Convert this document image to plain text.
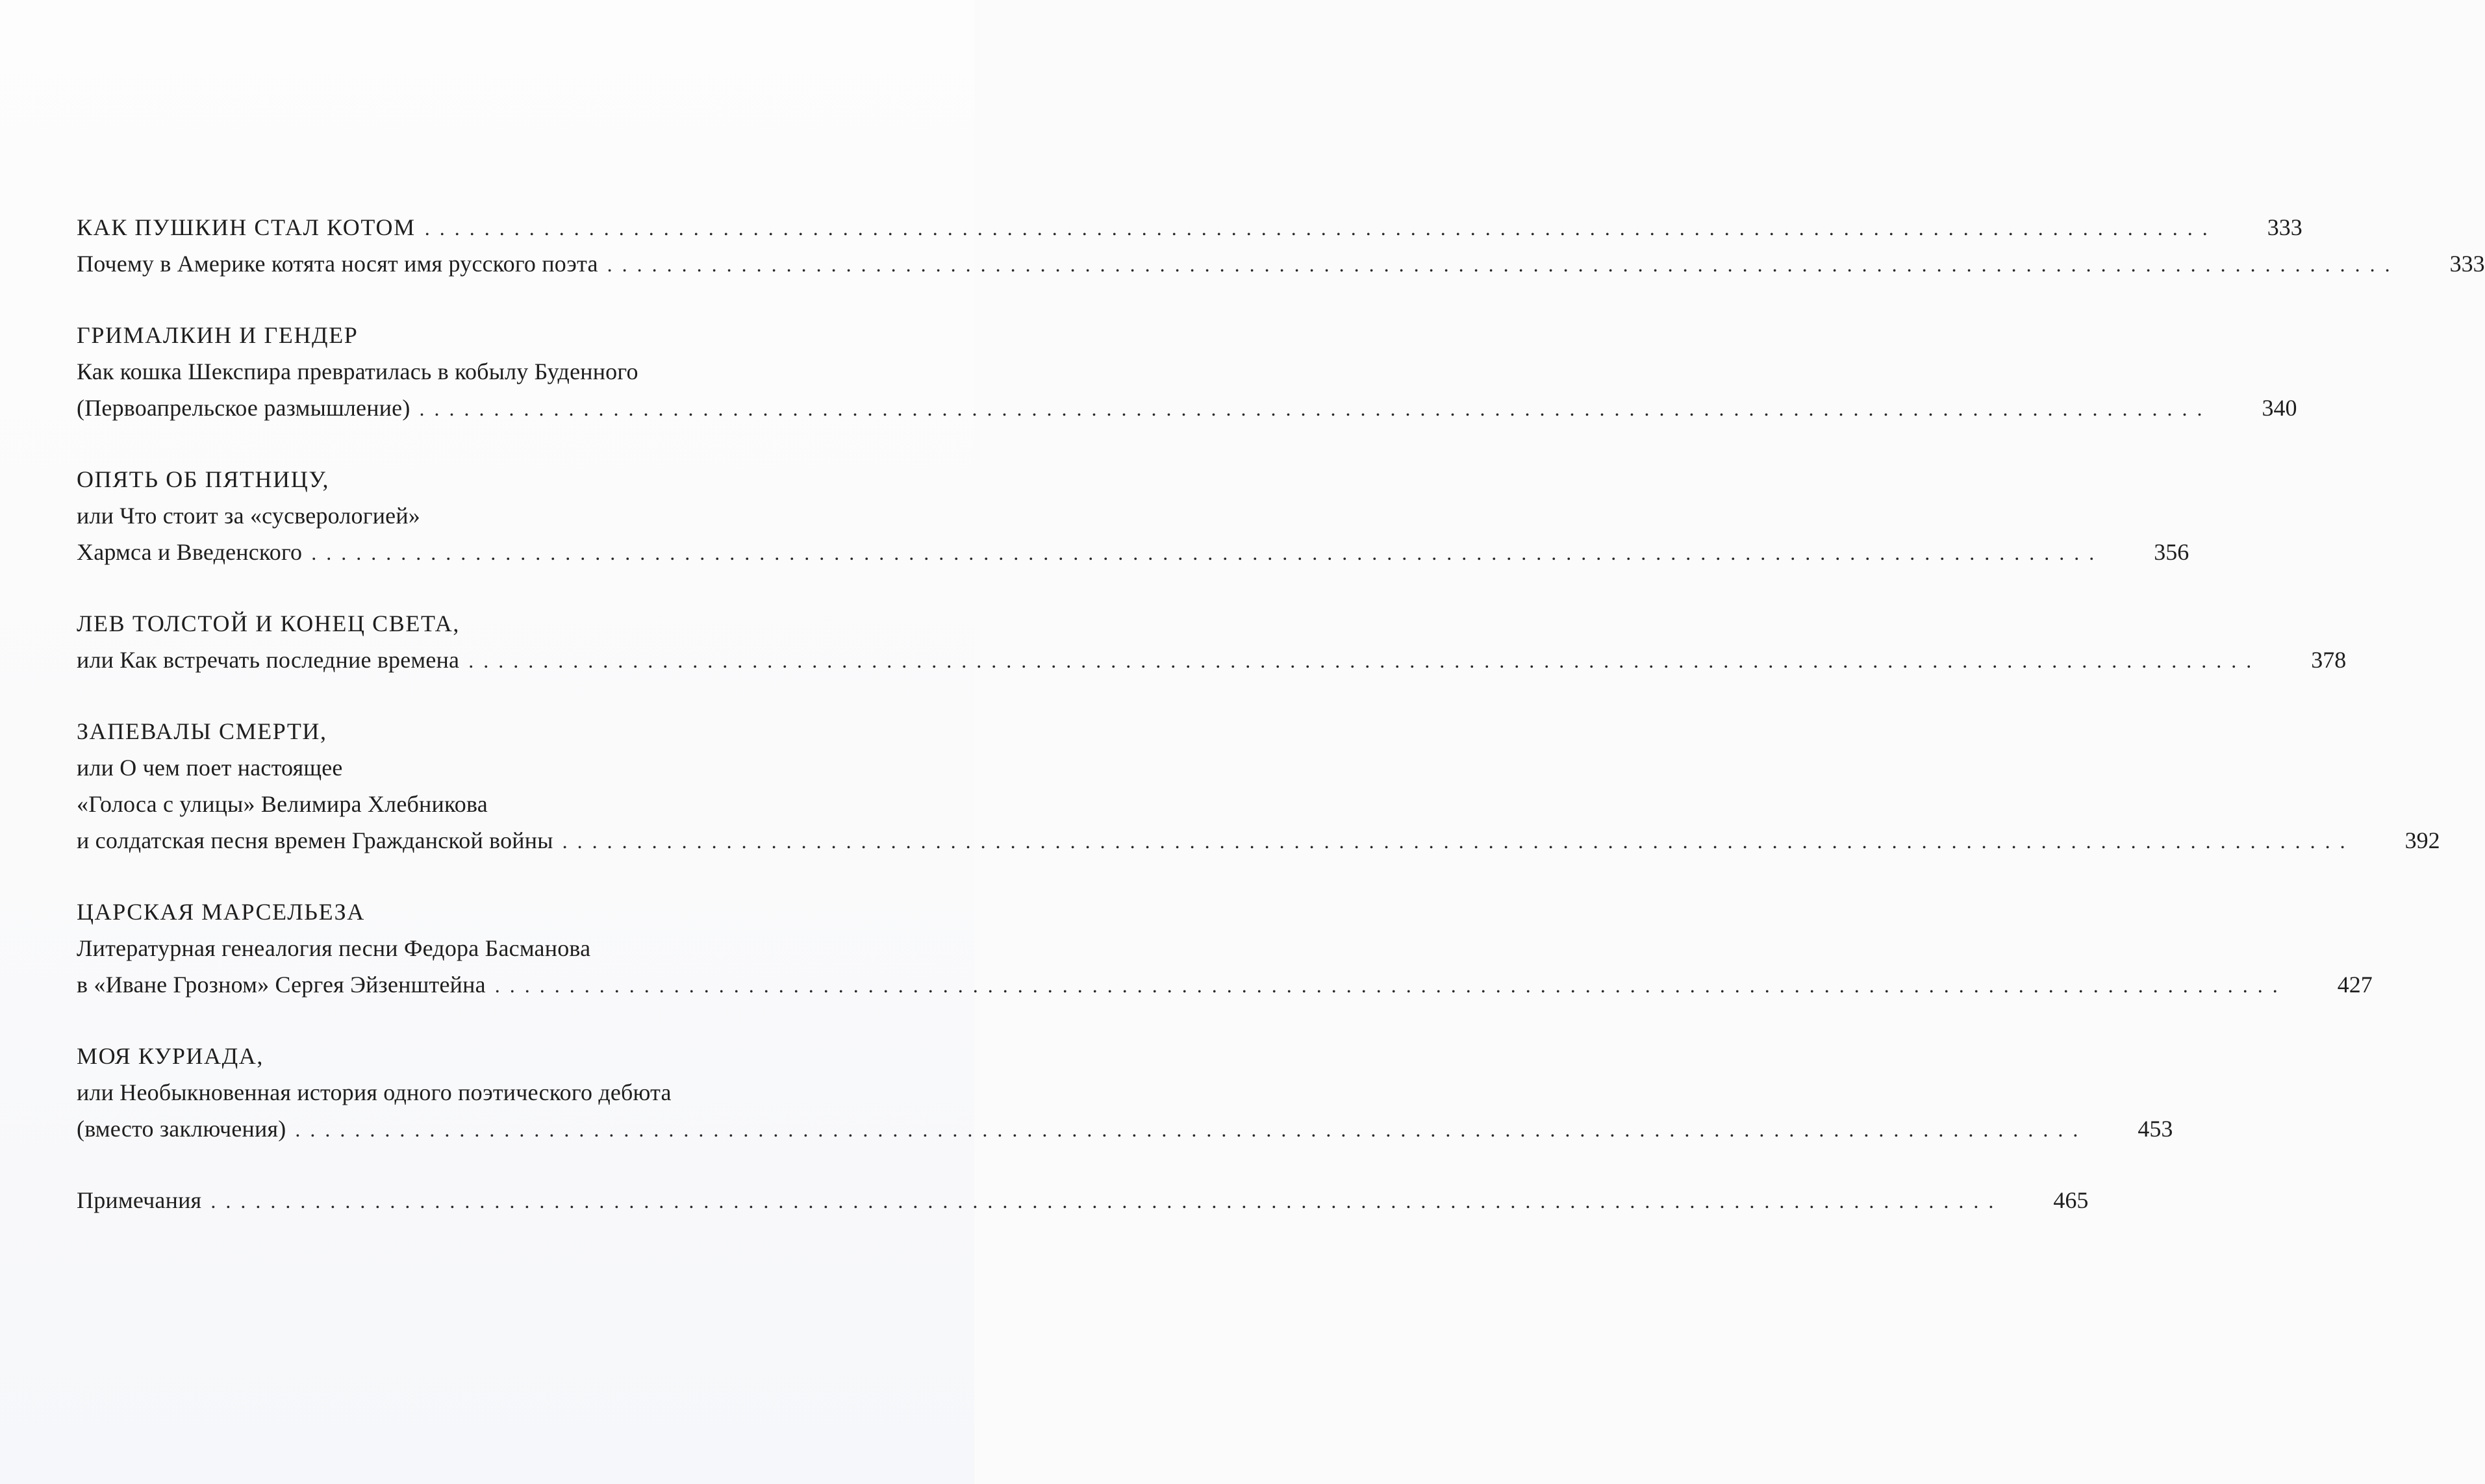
КАК ПУШКИН СТАЛ КОТОМ . . . . . . . . . . . . . . . . . . . . . . . . . . . . . . . . . . . . . . . . . . . . . . . . . . . . . . . . . . . . . . . . . . . . . . . . . . . . . . . . . . . . . . . . . . . . . . . . . . . . . . . . . . . . . . . . . . . . . . . .	333
Почему в Америке котята носят имя русского поэта . . . . . . . . . . . . . . . . . . . . . . . . . . . . . . . . . . . . . . . . . . . . . . . . . . . . . . . . . . . . . . . . . . . . . . . . . . . . . . . . . . . . . . . . . . . . . . . . . . . . . . . . . . . . . . . . . . . . . . . .	333
ГРИМАЛКИН И ГЕНДЕР
Как кошка Шекспира превратилась в кобылу Буденного
(Первоапрельское размышление) . . . . . . . . . . . . . . . . . . . . . . . . . . . . . . . . . . . . . . . . . . . . . . . . . . . . . . . . . . . . . . . . . . . . . . . . . . . . . . . . . . . . . . . . . . . . . . . . . . . . . . . . . . . . . . . . . . . . . . . .	340
ОПЯТЬ ОБ ПЯТНИЦУ,
или Что стоит за «сусверологией»
Хармса и Введенского . . . . . . . . . . . . . . . . . . . . . . . . . . . . . . . . . . . . . . . . . . . . . . . . . . . . . . . . . . . . . . . . . . . . . . . . . . . . . . . . . . . . . . . . . . . . . . . . . . . . . . . . . . . . . . . . . . . . . . . .	356
ЛЕВ ТОЛСТОЙ И КОНЕЦ СВЕТА,
или Как встречать последние времена . . . . . . . . . . . . . . . . . . . . . . . . . . . . . . . . . . . . . . . . . . . . . . . . . . . . . . . . . . . . . . . . . . . . . . . . . . . . . . . . . . . . . . . . . . . . . . . . . . . . . . . . . . . . . . . . . . . . . . . .	378
ЗАПЕВАЛЫ СМЕРТИ,
или О чем поет настоящее
«Голоса с улицы» Велимира Хлебникова
и солдатская песня времен Гражданской войны . . . . . . . . . . . . . . . . . . . . . . . . . . . . . . . . . . . . . . . . . . . . . . . . . . . . . . . . . . . . . . . . . . . . . . . . . . . . . . . . . . . . . . . . . . . . . . . . . . . . . . . . . . . . . . . . . . . . . . . .	392
ЦАРСКАЯ МАРСЕЛЬЕЗА
Литературная генеалогия песни Федора Басманова
в «Иване Грозном» Сергея Эйзенштейна . . . . . . . . . . . . . . . . . . . . . . . . . . . . . . . . . . . . . . . . . . . . . . . . . . . . . . . . . . . . . . . . . . . . . . . . . . . . . . . . . . . . . . . . . . . . . . . . . . . . . . . . . . . . . . . . . . . . . . . .	427
МОЯ КУРИАДА,
или Необыкновенная история одного поэтического дебюта
(вместо заключения) . . . . . . . . . . . . . . . . . . . . . . . . . . . . . . . . . . . . . . . . . . . . . . . . . . . . . . . . . . . . . . . . . . . . . . . . . . . . . . . . . . . . . . . . . . . . . . . . . . . . . . . . . . . . . . . . . . . . . . . .	453
Примечания . . . . . . . . . . . . . . . . . . . . . . . . . . . . . . . . . . . . . . . . . . . . . . . . . . . . . . . . . . . . . . . . . . . . . . . . . . . . . . . . . . . . . . . . . . . . . . . . . . . . . . . . . . . . . . . . . . . . . . . .	465
